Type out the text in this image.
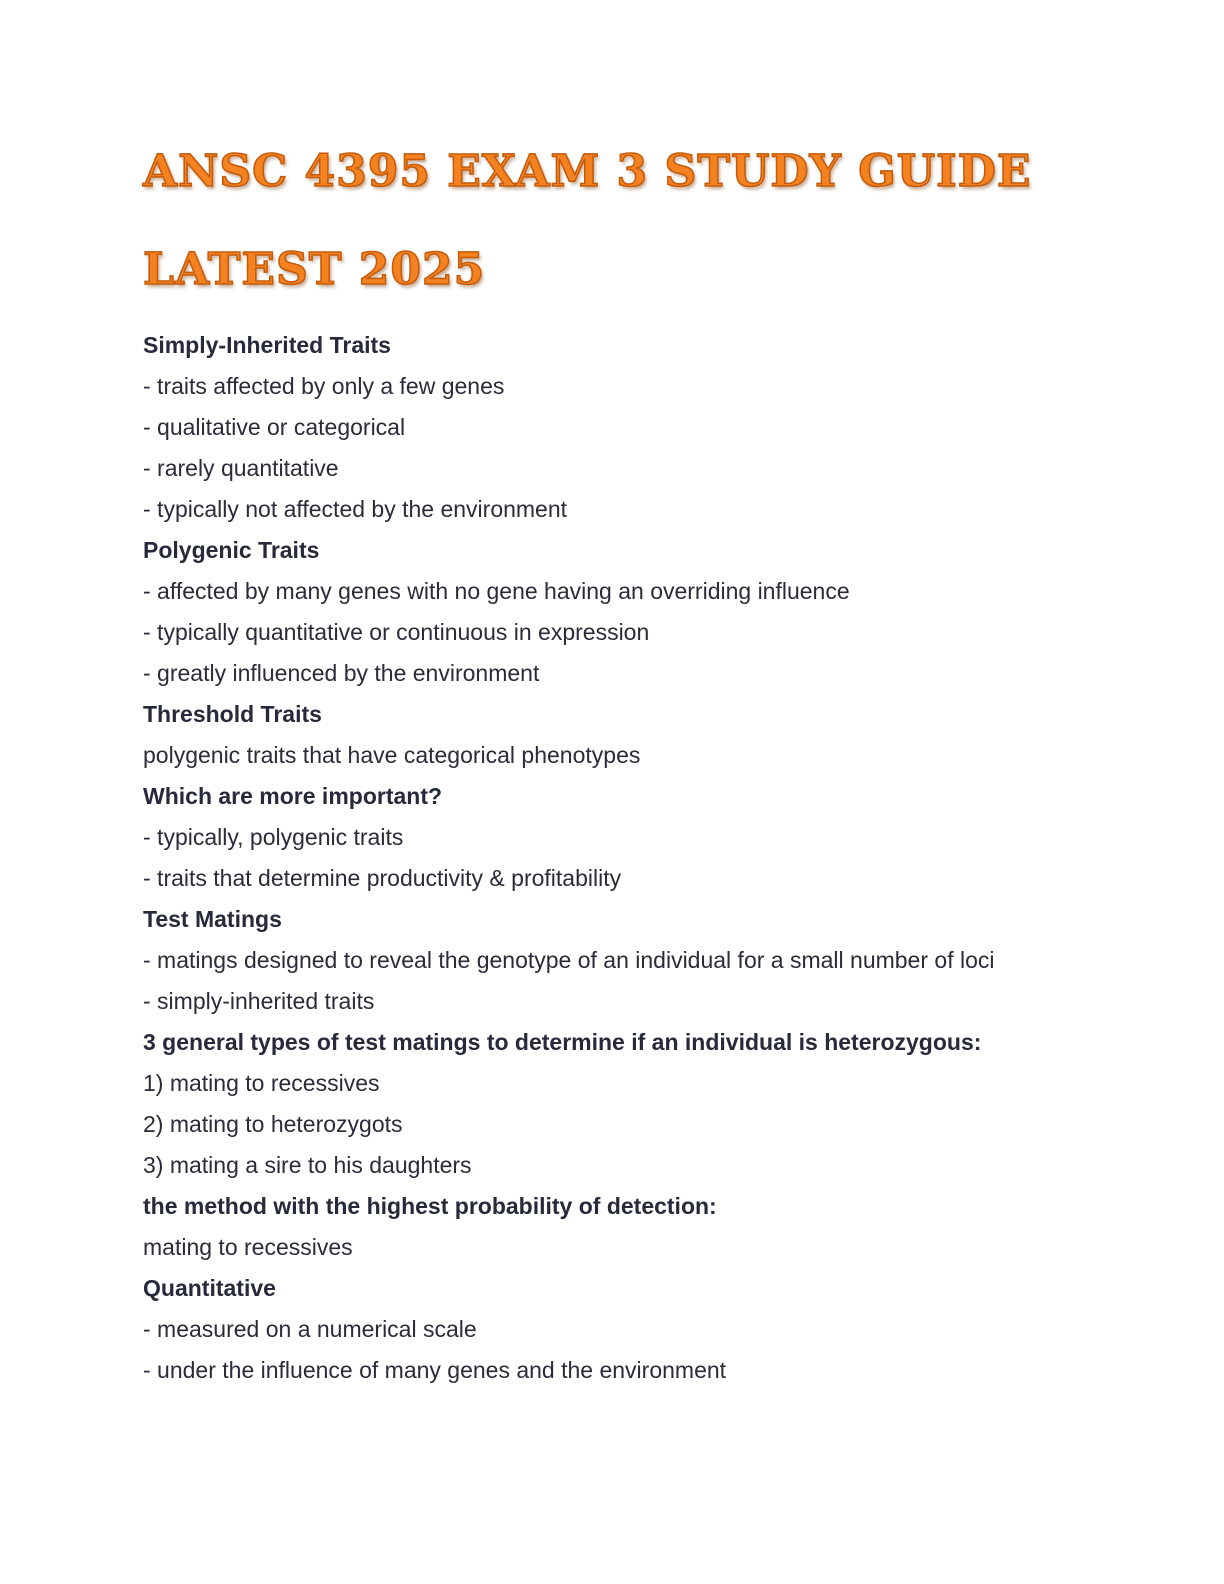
ANSC 4395 EXAM 3 STUDY GUIDE
LATEST 2025

Simply-Inherited Traits

- traits affected by only a few genes

- qualitative or categorical

- rarely quantitative

- typically not affected by the environment

Polygenic Traits

- affected by many genes with no gene having an overriding influence

- typically quantitative or continuous in expression

- greatly influenced by the environment

Threshold Traits

polygenic traits that have categorical phenotypes

Which are more important?

- typically, polygenic traits

- traits that determine productivity & profitability

Test Matings

- matings designed to reveal the genotype of an individual for a small number of loci

- simply-inherited traits

3 general types of test matings to determine if an individual is heterozygous:

1) mating to recessives

2) mating to heterozygots

3) mating a sire to his daughters

the method with the highest probability of detection:

mating to recessives

Quantitative

- measured on a numerical scale

- under the influence of many genes and the environment
